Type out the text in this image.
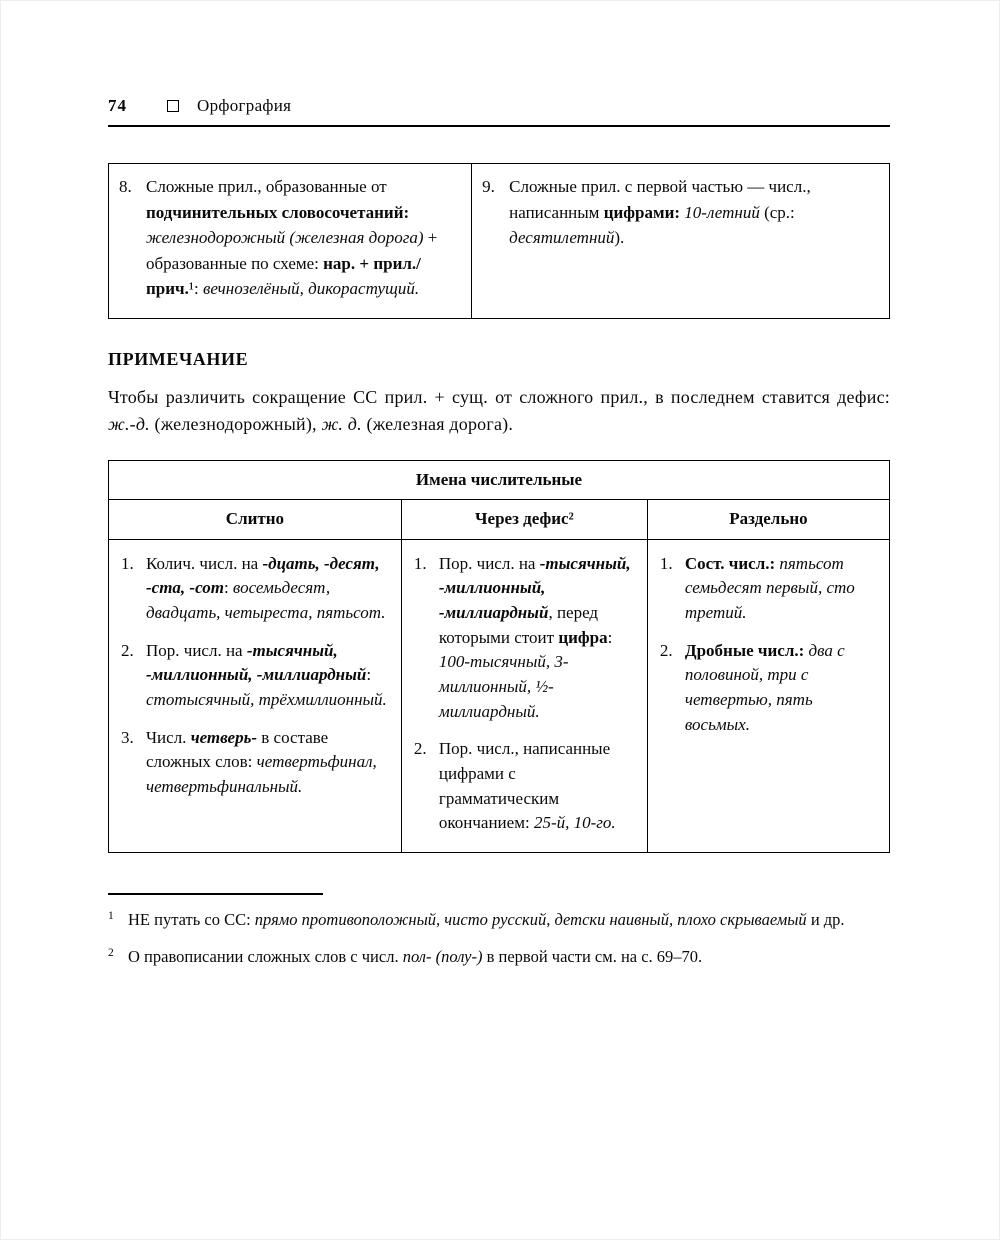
74	Орфография
8. Сложные прил., образованные от подчинительных словосочетаний: железнодорожный (железная дорога) + образованные по схеме: нар. + прил./прич.¹: вечнозелёный, дикорастущий.

9. Сложные прил. с первой частью — числ., написанным цифрами: 10-летний (ср.: десятилетний).
ПРИМЕЧАНИЕ

Чтобы различить сокращение СС прил. + сущ. от сложного прил., в последнем ставится дефис: ж.-д. (железнодорожный), ж. д. (железная дорога).

Имена числительные		
Слитно	Через дефис²	Раздельно

1. Колич. числ. на -дцать, -десят, -ста, -сот: восемьдесят, двадцать, четыреста, пятьсот.
2. Пор. числ. на -тысячный, -миллионный, -миллиардный: стотысячный, трёхмиллионный.
3. Числ. четверь- в составе сложных слов: четвертьфинал, четвертьфинальный.

1. Пор. числ. на -тысячный, -миллионный, -миллиардный, перед которыми стоит цифра: 100-тысячный, 3-миллионный, ½-миллиардный.
2. Пор. числ., написанные цифрами с грамматическим окончанием: 25-й, 10-го.

1. Сост. числ.: пятьсот семьдесят первый, сто третий.
2. Дробные числ.: два с половиной, три с четвертью, пять восьмых.
1 НЕ путать со СС: прямо противоположный, чисто русский, детски наивный, плохо скрываемый и др.
2 О правописании сложных слов с числ. пол- (полу-) в первой части см. на с. 69–70.
